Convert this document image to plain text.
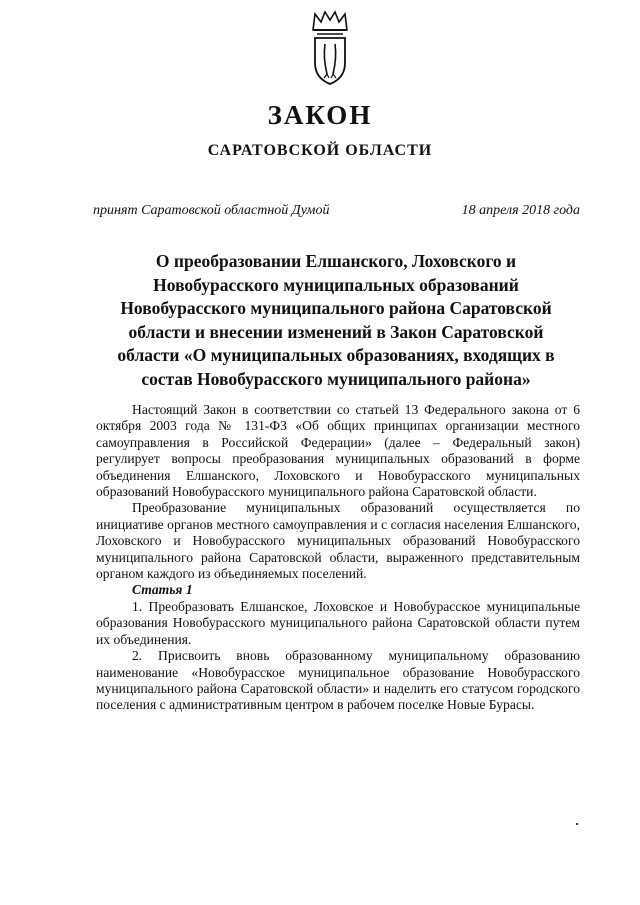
ЗАКОН
САРАТОВСКОЙ ОБЛАСТИ
принят Саратовской областной Думой	18 апреля 2018 года
О преобразовании Елшанского, Лоховского и Новобурасского муниципальных образований Новобурасского муниципального района Саратовской области и внесении изменений в Закон Саратовской области «О муниципальных образованиях, входящих в состав Новобурасского муниципального района»

Настоящий Закон в соответствии со статьей 13 Федерального закона от 6 октября 2003 года № 131-ФЗ «Об общих принципах организации местного самоуправления в Российской Федерации» (далее – Федеральный закон) регулирует вопросы преобразования муниципальных образований в форме объединения Елшанского, Лоховского и Новобурасского муниципальных образований Новобурасского муниципального района Саратовской области.

Преобразование муниципальных образований осуществляется по инициативе органов местного самоуправления и с согласия населения Елшанского, Лоховского и Новобурасского муниципальных образований Новобурасского муниципального района Саратовской области, выраженного представительным органом каждого из объединяемых поселений.

Статья 1

1. Преобразовать Елшанское, Лоховское и Новобурасское муниципальные образования Новобурасского муниципального района Саратовской области путем их объединения.

2. Присвоить вновь образованному муниципальному образованию наименование «Новобурасское муниципальное образование Новобурасского муниципального района Саратовской области» и наделить его статусом городского поселения с административным центром в рабочем поселке Новые Бурасы.
